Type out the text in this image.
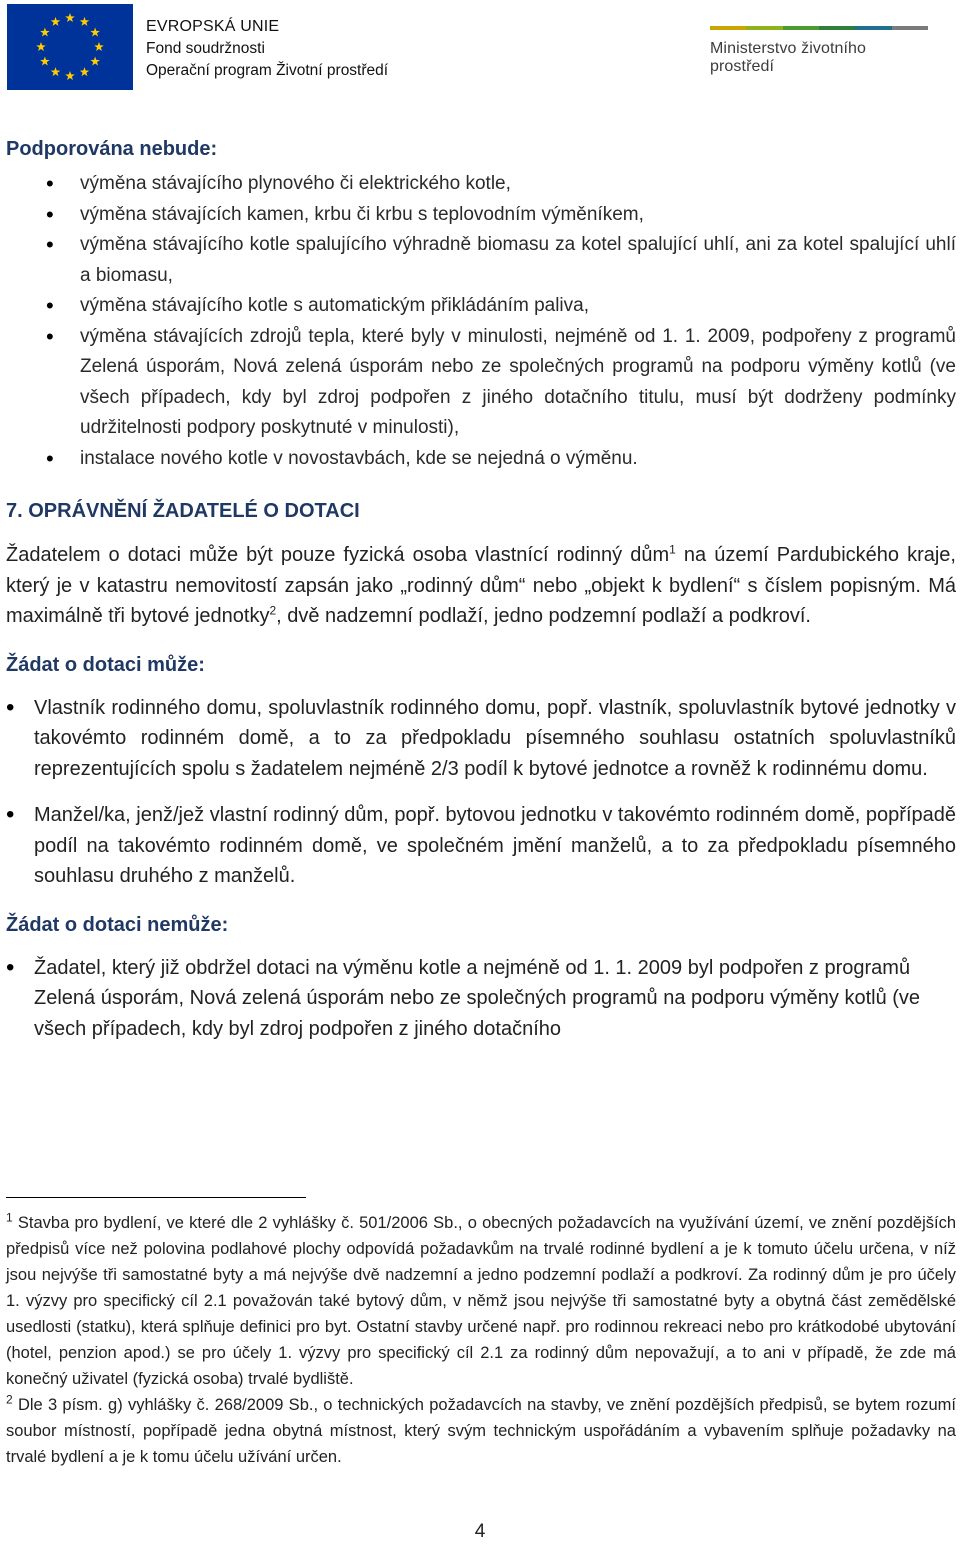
EVROPSKÁ UNIE
Fond soudržnosti
Operační program Životní prostředí
Ministerstvo životního prostředí
Podporována nebude:
• výměna stávajícího plynového či elektrického kotle,
• výměna stávajících kamen, krbu či krbu s teplovodním výměníkem,
• výměna stávajícího kotle spalujícího výhradně biomasu za kotel spalující uhlí, ani za kotel spalující uhlí a biomasu,
• výměna stávajícího kotle s automatickým přikládáním paliva,
• výměna stávajících zdrojů tepla, které byly v minulosti, nejméně od 1. 1. 2009, podpořeny z programů Zelená úsporám, Nová zelená úsporám nebo ze společných programů na podporu výměny kotlů (ve všech případech, kdy byl zdroj podpořen z jiného dotačního titulu, musí být dodrženy podmínky udržitelnosti podpory poskytnuté v minulosti),
• instalace nového kotle v novostavbách, kde se nejedná o výměnu.
7. OPRÁVNĚNÍ ŽADATELÉ O DOTACI
Žadatelem o dotaci může být pouze fyzická osoba vlastnící rodinný dům$^1$ na území Pardubického kraje, který je v katastru nemovitostí zapsán jako „rodinný dům“ nebo „objekt k bydlení“ s číslem popisným. Má maximálně tři bytové jednotky$^2$, dvě nadzemní podlaží, jedno podzemní podlaží a podkroví.
Žádat o dotaci může:
• Vlastník rodinného domu, spoluvlastník rodinného domu, popř. vlastník, spoluvlastník bytové jednotky v takovémto rodinném domě, a to za předpokladu písemného souhlasu ostatních spoluvlastníků reprezentujících spolu s žadatelem nejméně 2/3 podíl k bytové jednotce a rovněž k rodinnému domu.
• Manžel/ka, jenž/jež vlastní rodinný dům, popř. bytovou jednotku v takovémto rodinném domě, popřípadě podíl na takovémto rodinném domě, ve společném jmění manželů, a to za předpokladu písemného souhlasu druhého z manželů.
Žádat o dotaci nemůže:
• Žadatel, který již obdržel dotaci na výměnu kotle a nejméně od 1. 1. 2009 byl podpořen z programů Zelená úsporám, Nová zelená úsporám nebo ze společných programů na podporu výměny kotlů (ve všech případech, kdy byl zdroj podpořen z jiného dotačního

$^1$ Stavba pro bydlení, ve které dle 2 vyhlášky č. 501/2006 Sb., o obecných požadavcích na využívání území, ve znění pozdějších předpisů více než polovina podlahové plochy odpovídá požadavkům na trvalé rodinné bydlení a je k tomuto účelu určena, v níž jsou nejvýše tři samostatné byty a má nejvýše dvě nadzemní a jedno podzemní podlaží a podkroví. Za rodinný dům je pro účely 1. výzvy pro specifický cíl 2.1 považován také bytový dům, v němž jsou nejvýše tři samostatné byty a obytná část zemědělské usedlosti (statku), která splňuje definici pro byt. Ostatní stavby určené např. pro rodinnou rekreaci nebo pro krátkodobé ubytování (hotel, penzion apod.) se pro účely 1. výzvy pro specifický cíl 2.1 za rodinný dům nepovažují, a to ani v případě, že zde má konečný uživatel (fyzická osoba) trvalé bydliště.

$^2$ Dle 3 písm. g) vyhlášky č. 268/2009 Sb., o technických požadavcích na stavby, ve znění pozdějších předpisů, se bytem rozumí soubor místností, popřípadě jedna obytná místnost, který svým technickým uspořádáním a vybavením splňuje požadavky na trvalé bydlení a je k tomu účelu užívání určen.

4
